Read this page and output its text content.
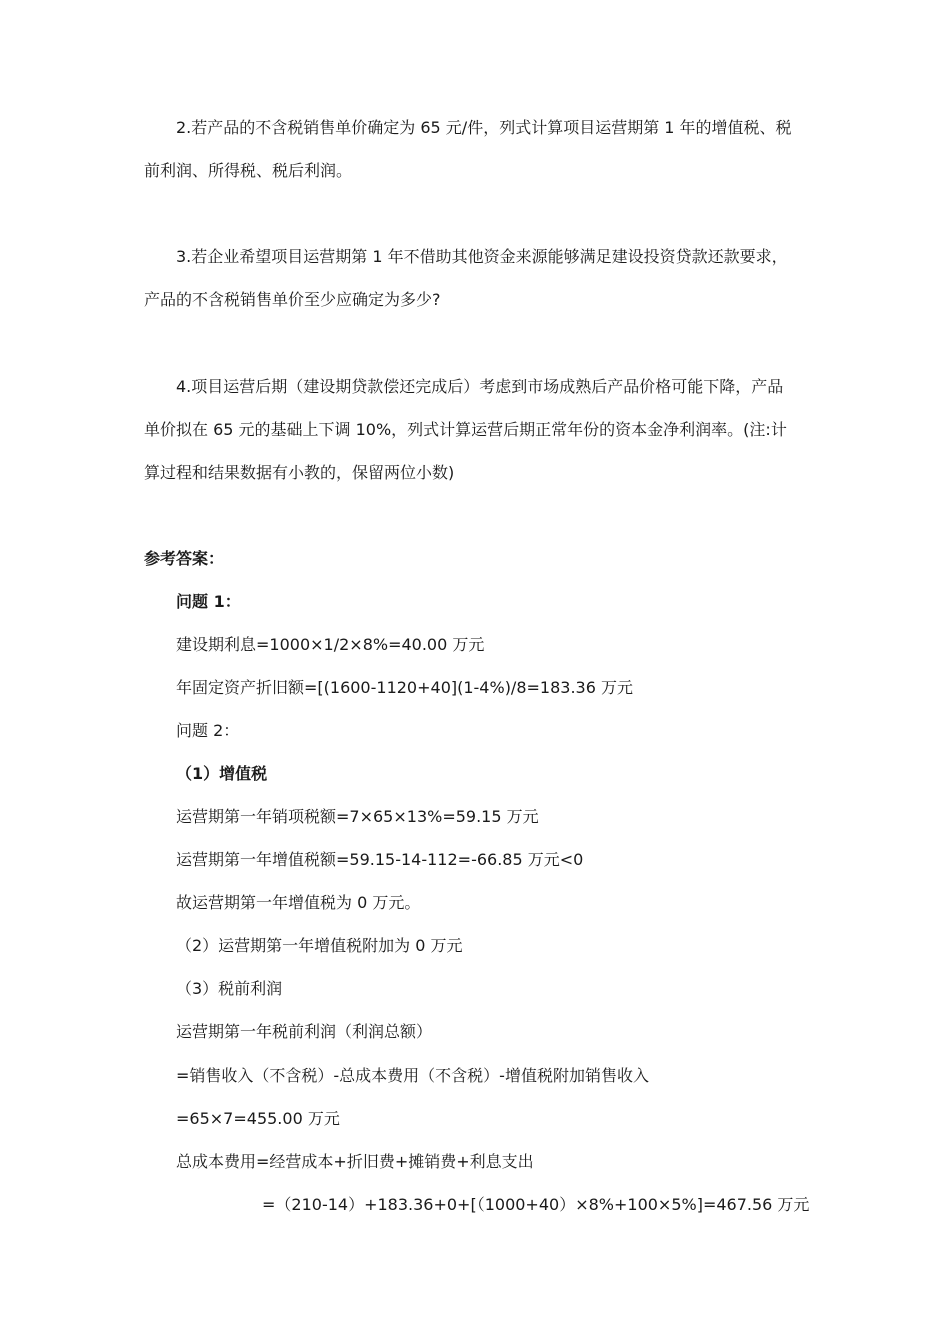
2.若产品的不含税销售单价确定为 65 元/件，列式计算项目运营期第 1 年的增值税、税
前利润、所得税、税后利润。
3.若企业希望项目运营期第 1 年不借助其他资金来源能够满足建设投资贷款还款要求，
产品的不含税销售单价至少应确定为多少?
4.项目运营后期（建设期贷款偿还完成后）考虑到市场成熟后产品价格可能下降，产品
单价拟在 65 元的基础上下调 10%，列式计算运营后期正常年份的资本金净利润率。(注:计
算过程和结果数据有小教的，保留两位小数)
参考答案：
问题 1：
建设期利息=1000×1/2×8%=40.00 万元
年固定资产折旧额=[(1600-1120+40](1-4%)/8=183.36 万元
问题 2：
（1）增值税
运营期第一年销项税额=7×65×13%=59.15 万元
运营期第一年增值税额=59.15-14-112=-66.85 万元<0
故运营期第一年增值税为 0 万元。
（2）运营期第一年增值税附加为 0 万元
（3）税前利润
运营期第一年税前利润（利润总额）
=销售收入（不含税）-总成本费用（不含税）-增值税附加销售收入
=65×7=455.00 万元
总成本费用=经营成本+折旧费+摊销费+利息支出
=（210-14）+183.36+0+[（1000+40）×8%+100×5%]=467.56 万元
